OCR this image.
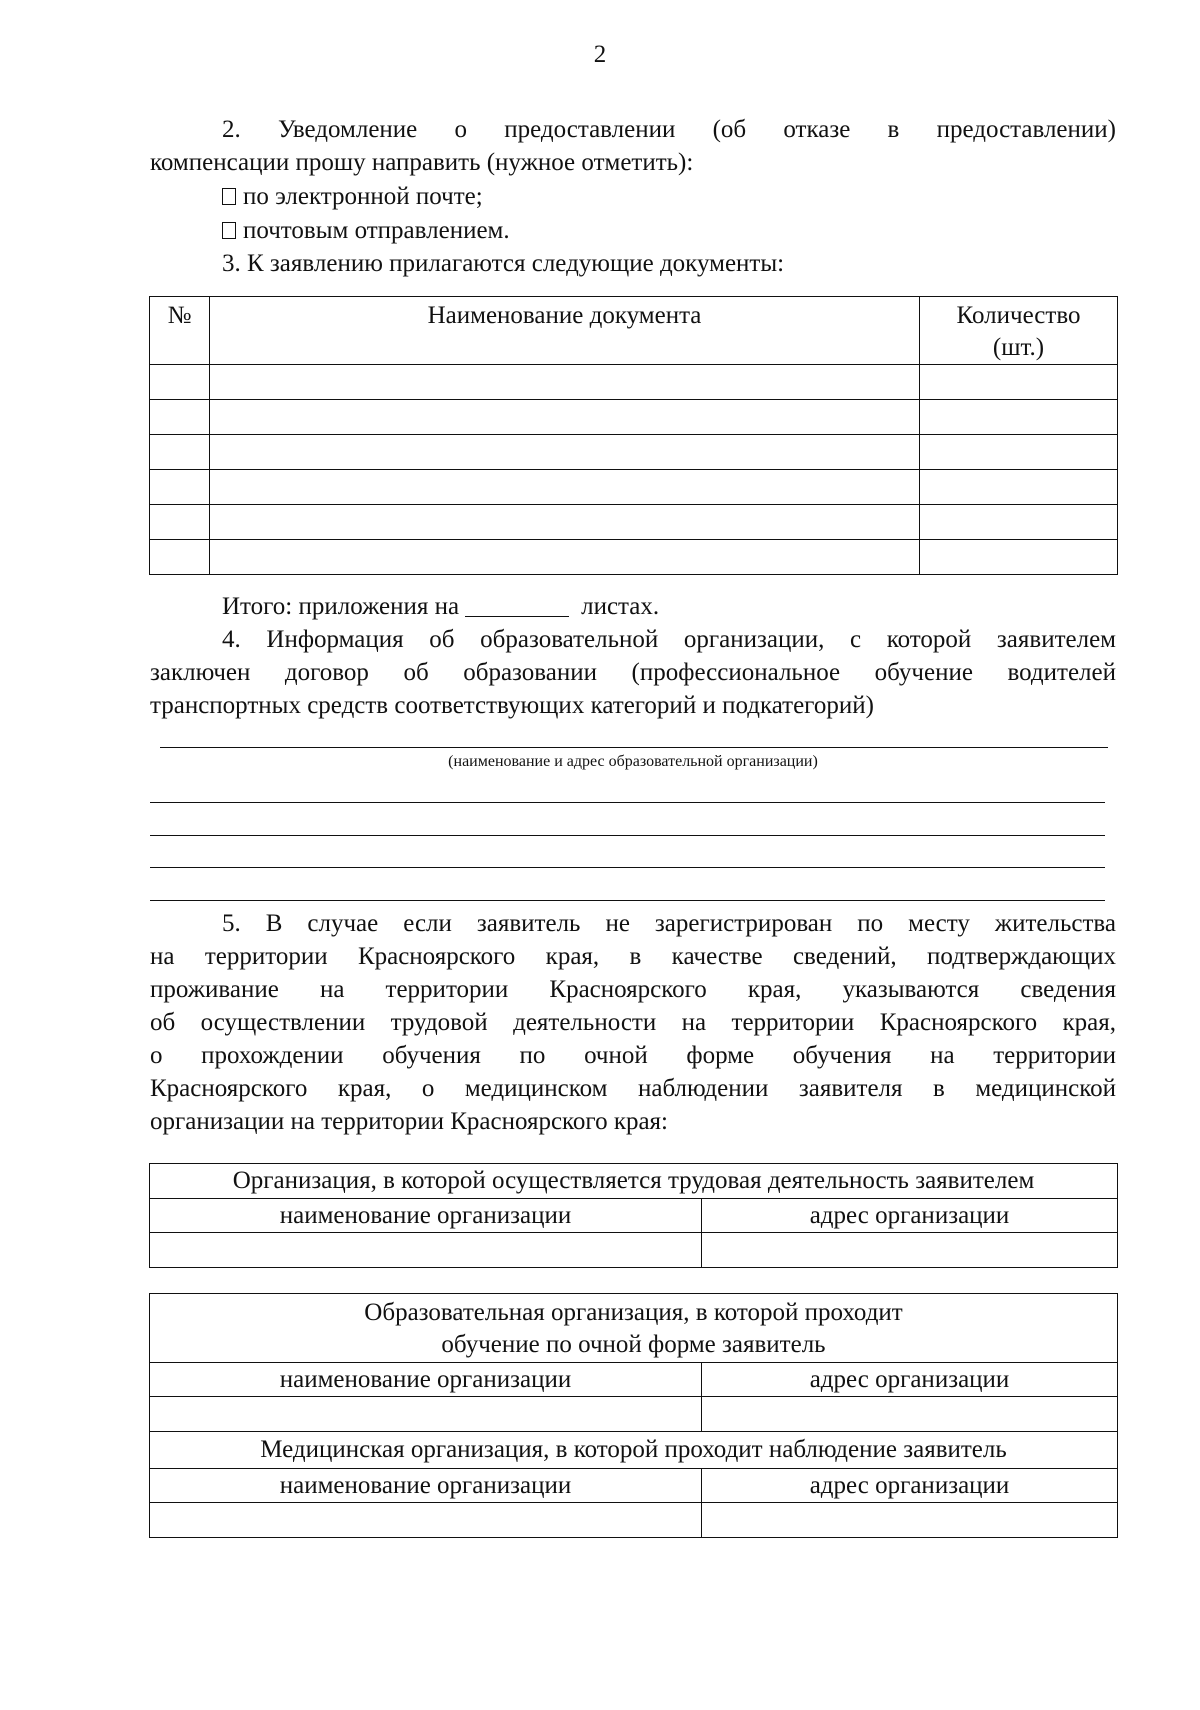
2

2. Уведомление о предоставлении (об отказе в предоставлении)

компенсации прошу направить (нужное отметить):

по электронной почте;
почтовым отправлением.

3. К заявлению прилагаются следующие документы:

№	Наименование документа	Количество
(шт.)

Итого: приложения на	листах.

4. Информация об образовательной организации, с которой заявителем

заключен договор об образовании (профессиональное обучение водителей

транспортных средств соответствующих категорий и подкатегорий)

(наименование и адрес образовательной организации)

5. В случае если заявитель не зарегистрирован по месту жительства

на территории Красноярского края, в качестве сведений, подтверждающих

проживание на территории Красноярского края, указываются сведения

об осуществлении трудовой деятельности на территории Красноярского края,

о прохождении обучения по очной форме обучения на территории

Красноярского края, о медицинском наблюдении заявителя в медицинской

организации на территории Красноярского края:

Организация, в которой осуществляется трудовая деятельность заявителем	
наименование организации	адрес организации

Образовательная организация, в которой проходит
обучение по очной форме заявитель	
наименование организации	адрес организации

Медицинская организация, в которой проходит наблюдение заявитель	
наименование организации	адрес организации
